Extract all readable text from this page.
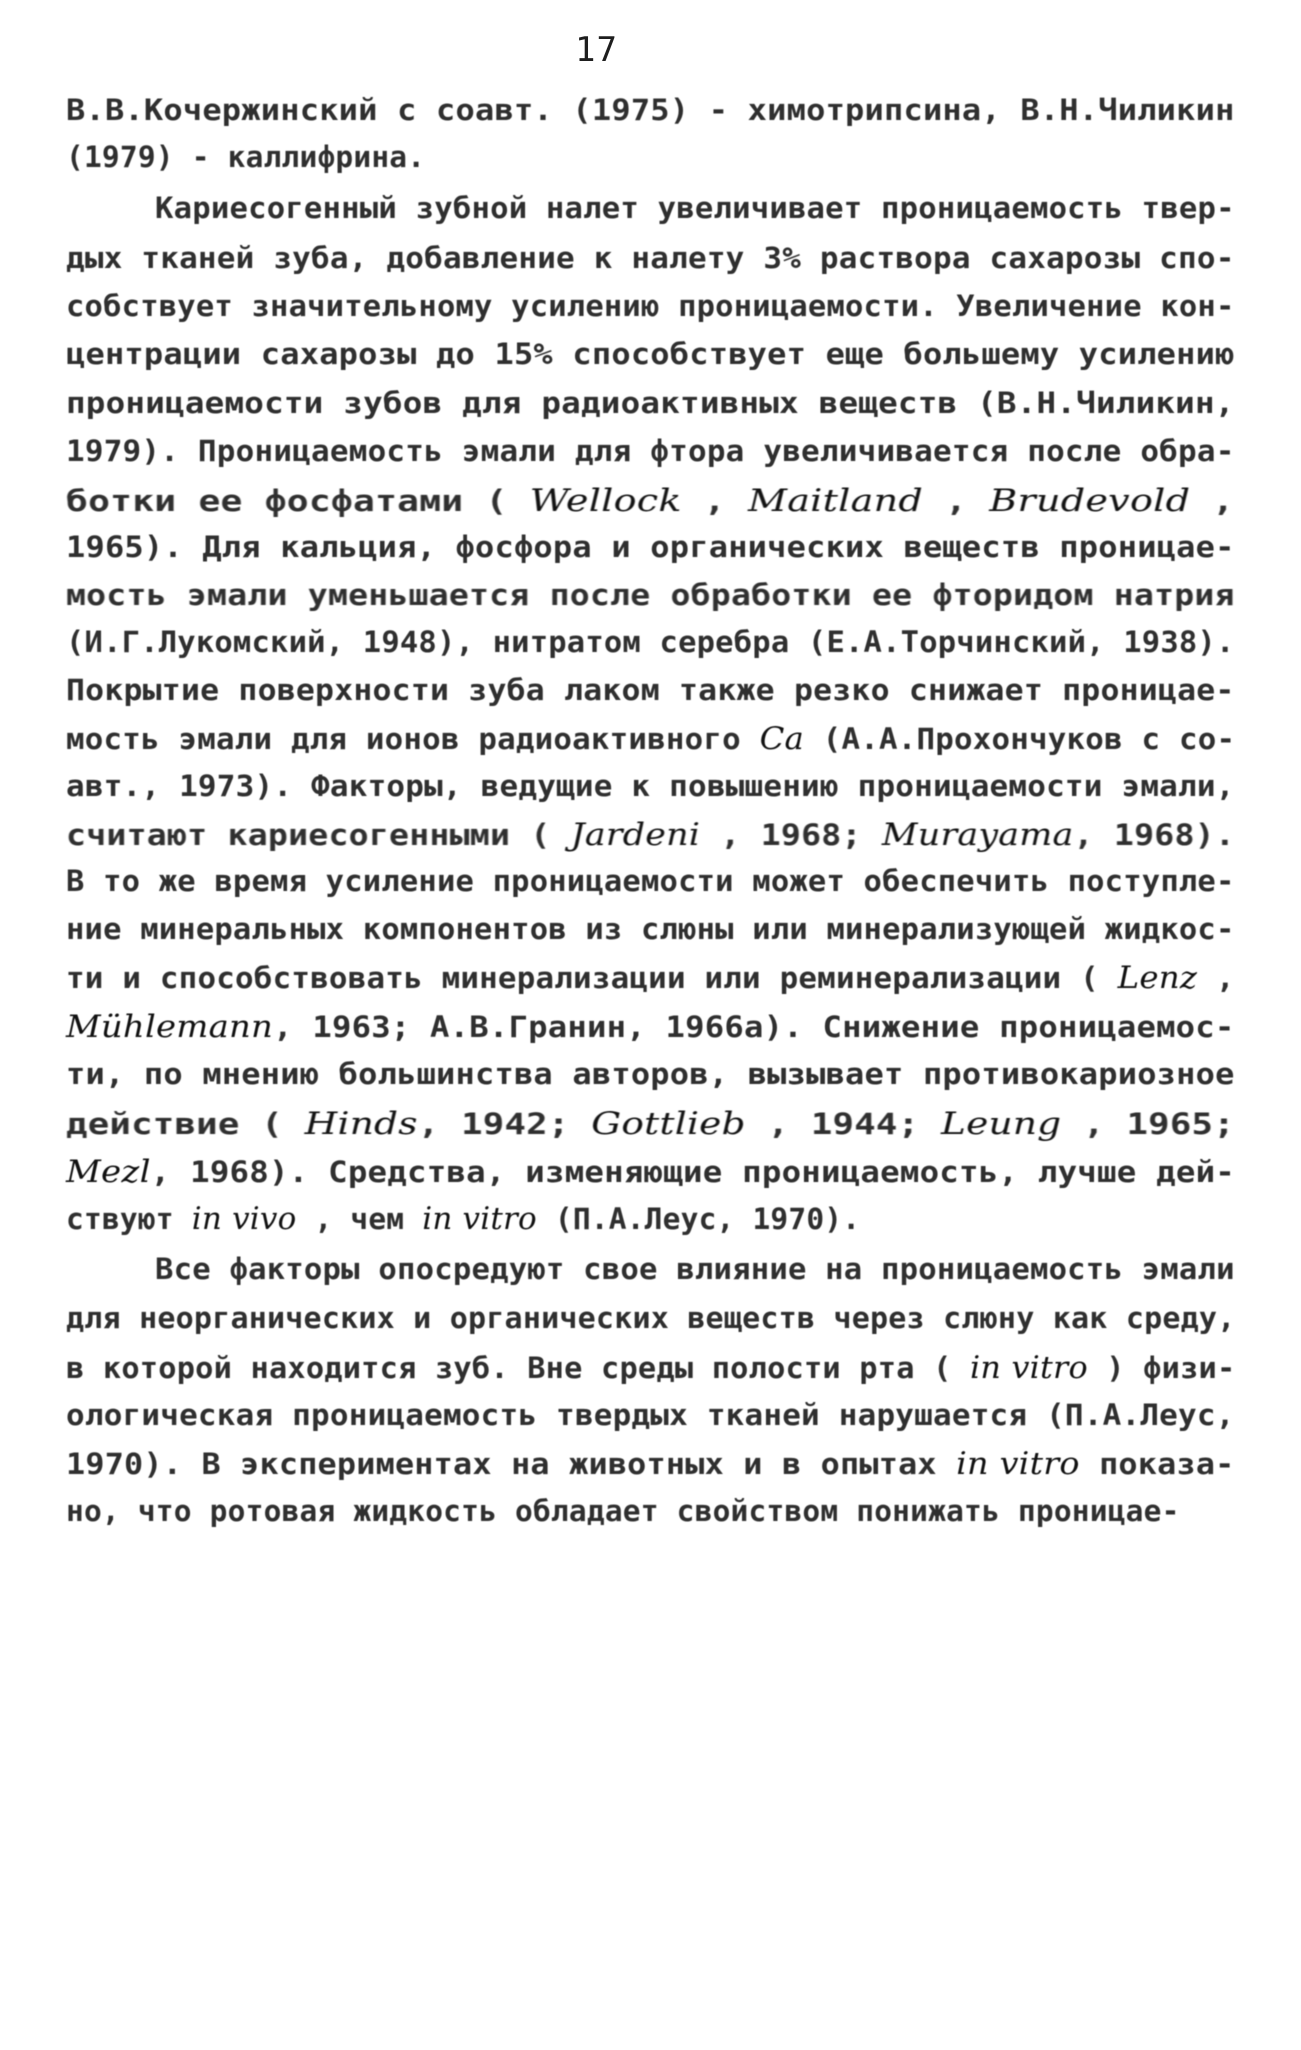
17
В.В.Кочержинский с соавт. (1975) - химотрипсина, В.Н.Чиликин
(1979) - каллифрина.
Кариесогенный зубной налет увеличивает проницаемость твер-
дых тканей зуба, добавление к налету 3% раствора сахарозы спо-
собствует значительному усилению проницаемости. Увеличение кон-
центрации сахарозы до 15% способствует еще большему усилению
проницаемости зубов для радиоактивных веществ (В.Н.Чиликин,
1979). Проницаемость эмали для фтора увеличивается после обра-
ботки ее фосфатами ( Wellock , Maitland , Brudevold ,
1965). Для кальция, фосфора и органических веществ проницае-
мость эмали уменьшается после обработки ее фторидом натрия
(И.Г.Лукомский, 1948), нитратом серебра (Е.А.Торчинский, 1938).
Покрытие поверхности зуба лаком также резко снижает проницае-
мость эмали для ионов радиоактивного Ca (А.А.Прохончуков с со-
авт., 1973). Факторы, ведущие к повышению проницаемости эмали,
считают кариесогенными ( Jardeni , 1968; Murayama, 1968).
В то же время усиление проницаемости может обеспечить поступле-
ние минеральных компонентов из слюны или минерализующей жидкос-
ти и способствовать минерализации или реминерализации ( Lenz ,
Mühlemann, 1963; А.В.Гранин, 1966а). Снижение проницаемос-
ти, по мнению большинства авторов, вызывает противокариозное
действие ( Hinds, 1942; Gottlieb , 1944; Leung , 1965;
Mezl, 1968). Средства, изменяющие проницаемость, лучше дей-
ствуют in vivo , чем in vitro (П.А.Леус, 1970).
Все факторы опосредуют свое влияние на проницаемость эмали
для неорганических и органических веществ через слюну как среду,
в которой находится зуб. Вне среды полости рта ( in vitro ) физи-
ологическая проницаемость твердых тканей нарушается (П.А.Леус,
1970). В экспериментах на животных и в опытах in vitro показа-
но, что ротовая жидкость обладает свойством понижать проницае-
